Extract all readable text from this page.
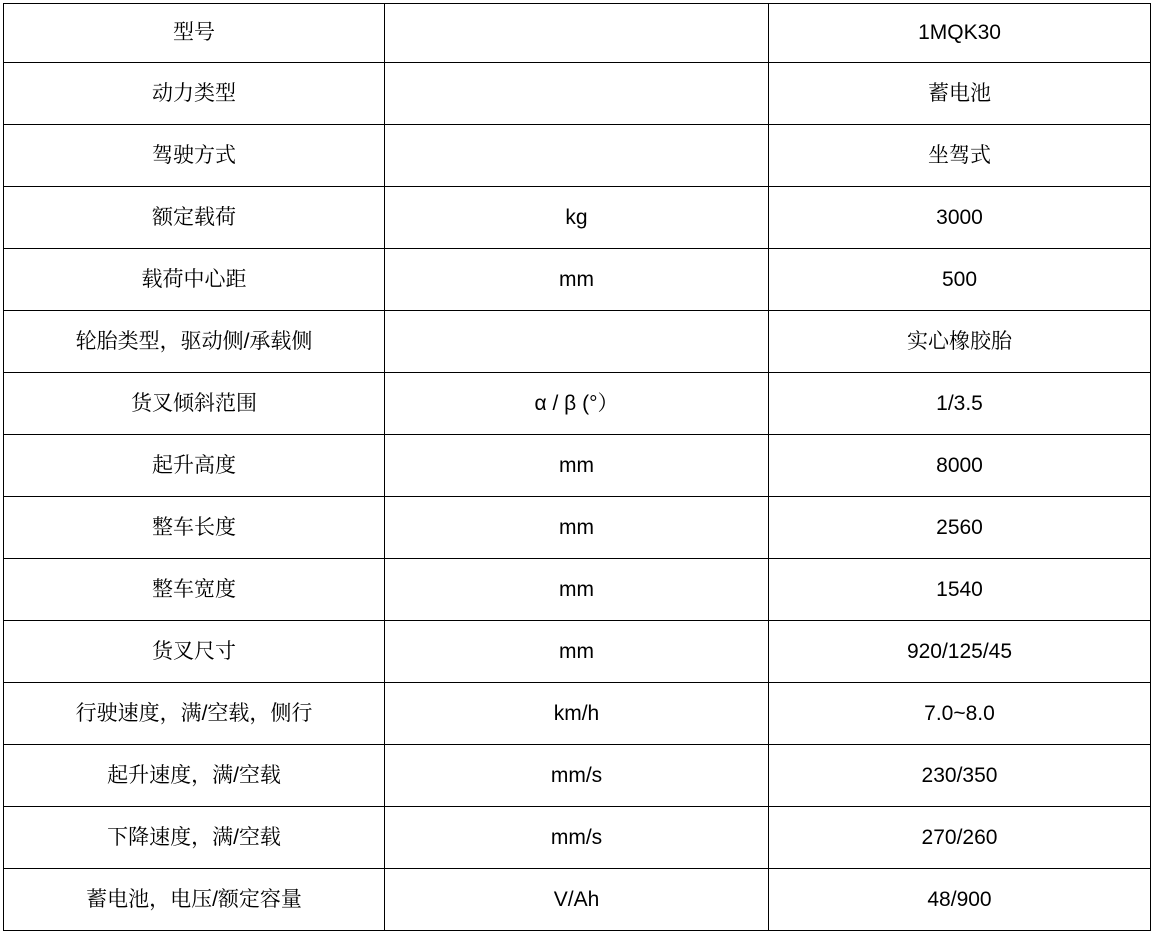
型号		1MQK30
动力类型		蓄电池
驾驶方式		坐驾式
额定载荷	kg	3000
载荷中心距	mm	500
轮胎类型，驱动侧/承载侧		实心橡胶胎
货叉倾斜范围	α / β (°）	1/3.5
起升高度	mm	8000
整车长度	mm	2560
整车宽度	mm	1540
货叉尺寸	mm	920/125/45
行驶速度，满/空载，侧行	km/h	7.0~8.0
起升速度，满/空载	mm/s	230/350
下降速度，满/空载	mm/s	270/260
蓄电池，电压/额定容量	V/Ah	48/900
